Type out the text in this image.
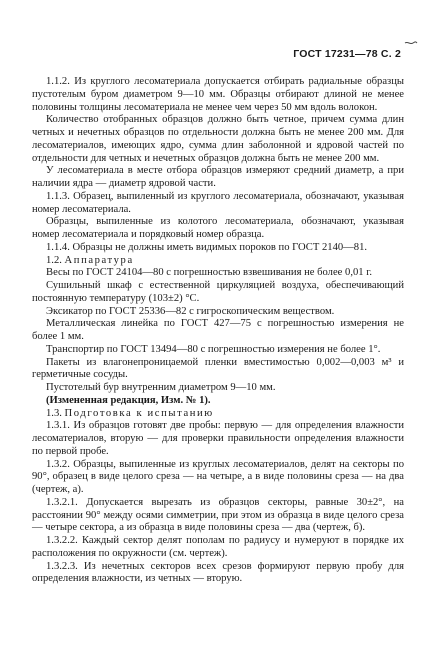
ГОСТ 17231—78 С. 2

1.1.2. Из круглого лесоматериала допускается отбирать радиальные образцы пустотелым буром диаметром 9—10 мм. Образцы отбирают длиной не менее половины толщины лесоматериала не менее чем через 50 мм вдоль волокон.

Количество отобранных образцов должно быть четное, причем сумма длин четных и нечетных образцов по отдельности должна быть не менее 200 мм. Для лесоматериалов, имеющих ядро, сумма длин заболонной и ядровой частей по отдельности для четных и нечетных образцов должна быть не менее 200 мм.

У лесоматериала в месте отбора образцов измеряют средний диаметр, а при наличии ядра — диаметр ядровой части.

1.1.3. Образец, выпиленный из круглого лесоматериала, обозначают, указывая номер лесоматериала.

Образцы, выпиленные из колотого лесоматериала, обозначают, указывая номер лесоматериала и порядковый номер образца.

1.1.4. Образцы не должны иметь видимых пороков по ГОСТ 2140—81.

1.2. Аппаратура

Весы по ГОСТ 24104—80 с погрешностью взвешивания не более 0,01 г.

Сушильный шкаф с естественной циркуляцией воздуха, обеспечивающий постоянную температуру (103±2) °С.

Эксикатор по ГОСТ 25336—82 с гигроскопическим веществом.

Металлическая линейка по ГОСТ 427—75 с погрешностью измерения не более 1 мм.

Транспортир по ГОСТ 13494—80 с погрешностью измерения не более 1°.

Пакеты из влагонепроницаемой пленки вместимостью 0,002—0,003 м³ и герметичные сосуды.

Пустотелый бур внутренним диаметром 9—10 мм.

(Измененная редакция, Изм. № 1).

1.3. Подготовка к испытанию

1.3.1. Из образцов готовят две пробы: первую — для определения влажности лесоматериалов, вторую — для проверки правильности определения влажности по первой пробе.

1.3.2. Образцы, выпиленные из круглых лесоматериалов, делят на секторы по 90°, образец в виде целого среза — на четыре, а в виде половины среза — на два (чертеж, а).

1.3.2.1. Допускается вырезать из образцов секторы, равные 30±2°, на расстоянии 90° между осями симметрии, при этом из образца в виде целого среза — четыре сектора, а из образца в виде половины среза — два (чертеж, б).

1.3.2.2. Каждый сектор делят пополам по радиусу и нумеруют в порядке их расположения по окружности (см. чертеж).

1.3.2.3. Из нечетных секторов всех срезов формируют первую пробу для определения влажности, из четных — вторую.
